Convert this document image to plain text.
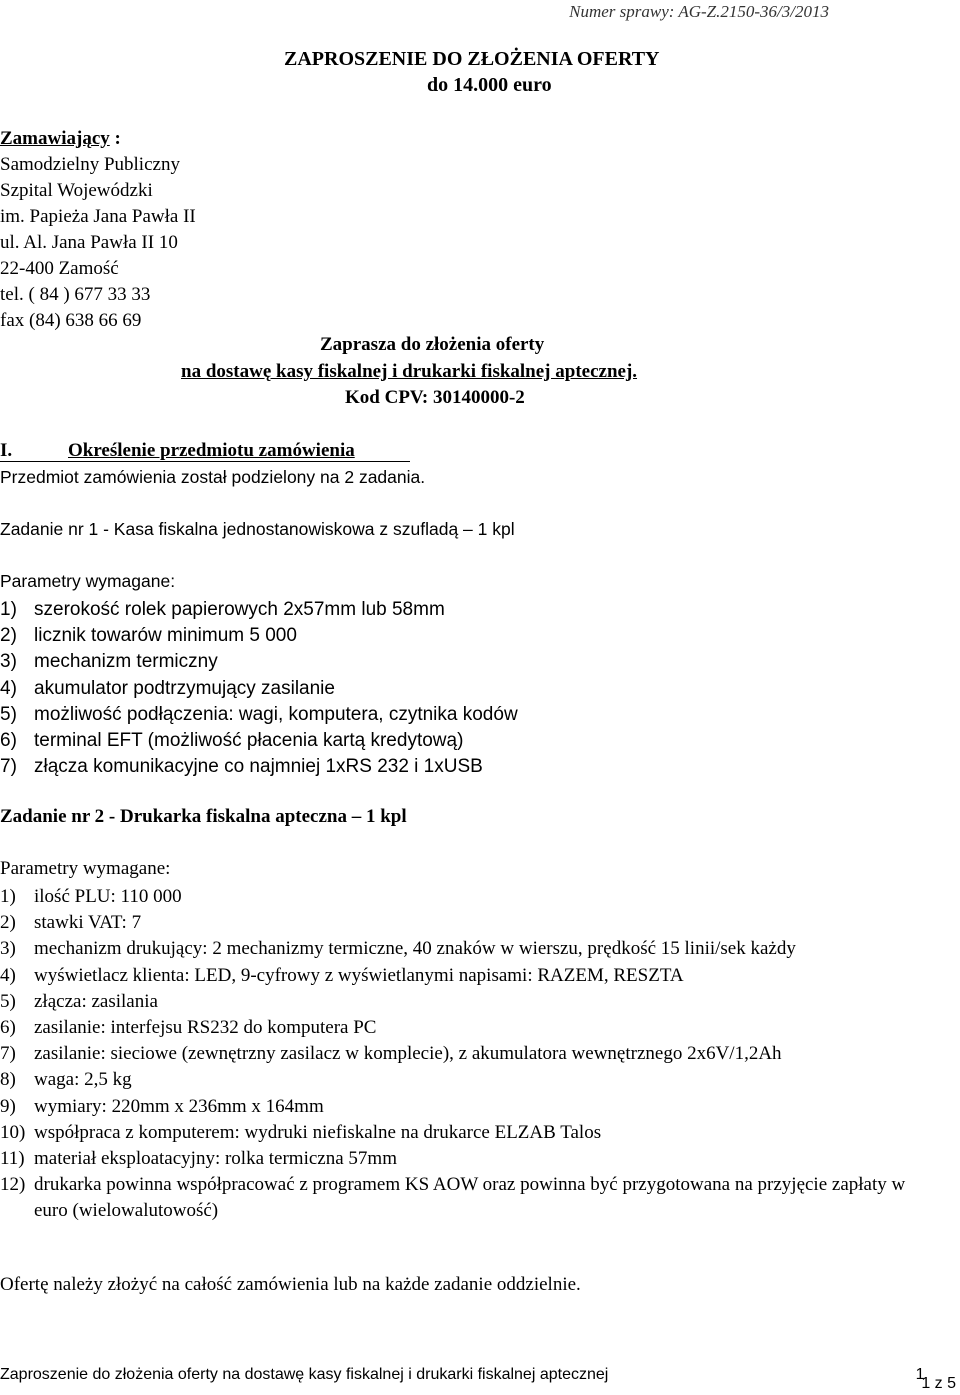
Numer sprawy: AG-Z.2150-36/3/2013
ZAPROSZENIE DO ZŁOŻENIA OFERTY
do 14.000 euro
Zamawiający :
Samodzielny Publiczny
Szpital Wojewódzki
im. Papieża Jana Pawła II
ul. Al. Jana Pawła II 10
22-400 Zamość
tel. ( 84 ) 677 33 33
fax (84) 638 66 69
Zaprasza do złożenia oferty
na dostawę kasy fiskalnej i drukarki fiskalnej aptecznej.
Kod CPV: 30140000-2
I.	Określenie przedmiotu zamówienia
Przedmiot zamówienia został podzielony na 2 zadania.
Zadanie nr 1 - Kasa fiskalna jednostanowiskowa z szufladą – 1 kpl
Parametry wymagane:
1) szerokość rolek papierowych 2x57mm lub 58mm
2) licznik towarów minimum 5 000
3) mechanizm termiczny
4) akumulator podtrzymujący zasilanie
5) możliwość podłączenia: wagi, komputera, czytnika kodów
6) terminal EFT (możliwość płacenia kartą kredytową)
7) złącza komunikacyjne co najmniej 1xRS 232 i 1xUSB
Zadanie nr 2 - Drukarka fiskalna apteczna – 1 kpl
Parametry wymagane:
1) ilość PLU: 110 000
2) stawki VAT: 7
3) mechanizm drukujący: 2 mechanizmy termiczne, 40 znaków w wierszu, prędkość 15 linii/sek każdy
4) wyświetlacz klienta: LED, 9-cyfrowy z wyświetlanymi napisami: RAZEM, RESZTA
5) złącza: zasilania
6) zasilanie: interfejsu RS232 do komputera PC
7) zasilanie: sieciowe (zewnętrzny zasilacz w komplecie), z akumulatora wewnętrznego 2x6V/1,2Ah
8) waga: 2,5 kg
9) wymiary: 220mm x 236mm x 164mm
10) współpraca z komputerem: wydruki niefiskalne na drukarce ELZAB Talos
11) materiał eksploatacyjny: rolka termiczna 57mm
12) drukarka powinna współpracować z programem KS AOW oraz powinna być przygotowana na przyjęcie zapłaty w euro (wielowalutowość)
Ofertę należy złożyć na całość zamówienia lub na każde zadanie oddzielnie.
Zaproszenie do złożenia oferty na dostawę kasy fiskalnej i drukarki fiskalnej aptecznej	11 z 5
